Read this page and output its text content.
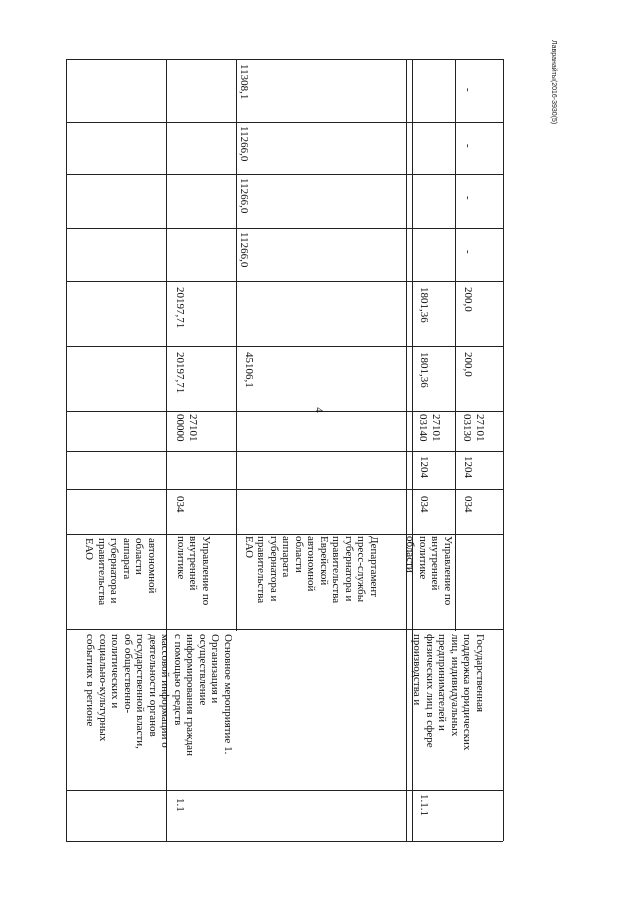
автономной
области
аппарата
губернатора и
правительства
ЕАО
1.1
Основное мероприятие 1.
Организация и
осуществление
информирования граждан
с помощью средств
массовой информации о
деятельности органов
государственной власти,
об общественно-
политических и
социально-культурных
событиях в регионе
Управление по
внутренней
политике
034
27101
00000
20197,71
20197,71
Департамент
пресс-службы
губернатора и
правительства
Еврейской
автономной
области
аппарата
губернатора и
правительства
ЕАО
45106,1
11266,0
11266,0
11266,0
11308,1
1.1.1
Государственная
поддержка юридических
лиц, индивидуальных
предпринимателей и
физических лиц в сфере
производства и
Управление по
внутренней
политике
области
034
1204
27101
03140
1801,36
1801,36
034
1204
27101
03130
200,0
200,0
-
-
-
-
4
Лавранайты(2016-3930(5)
